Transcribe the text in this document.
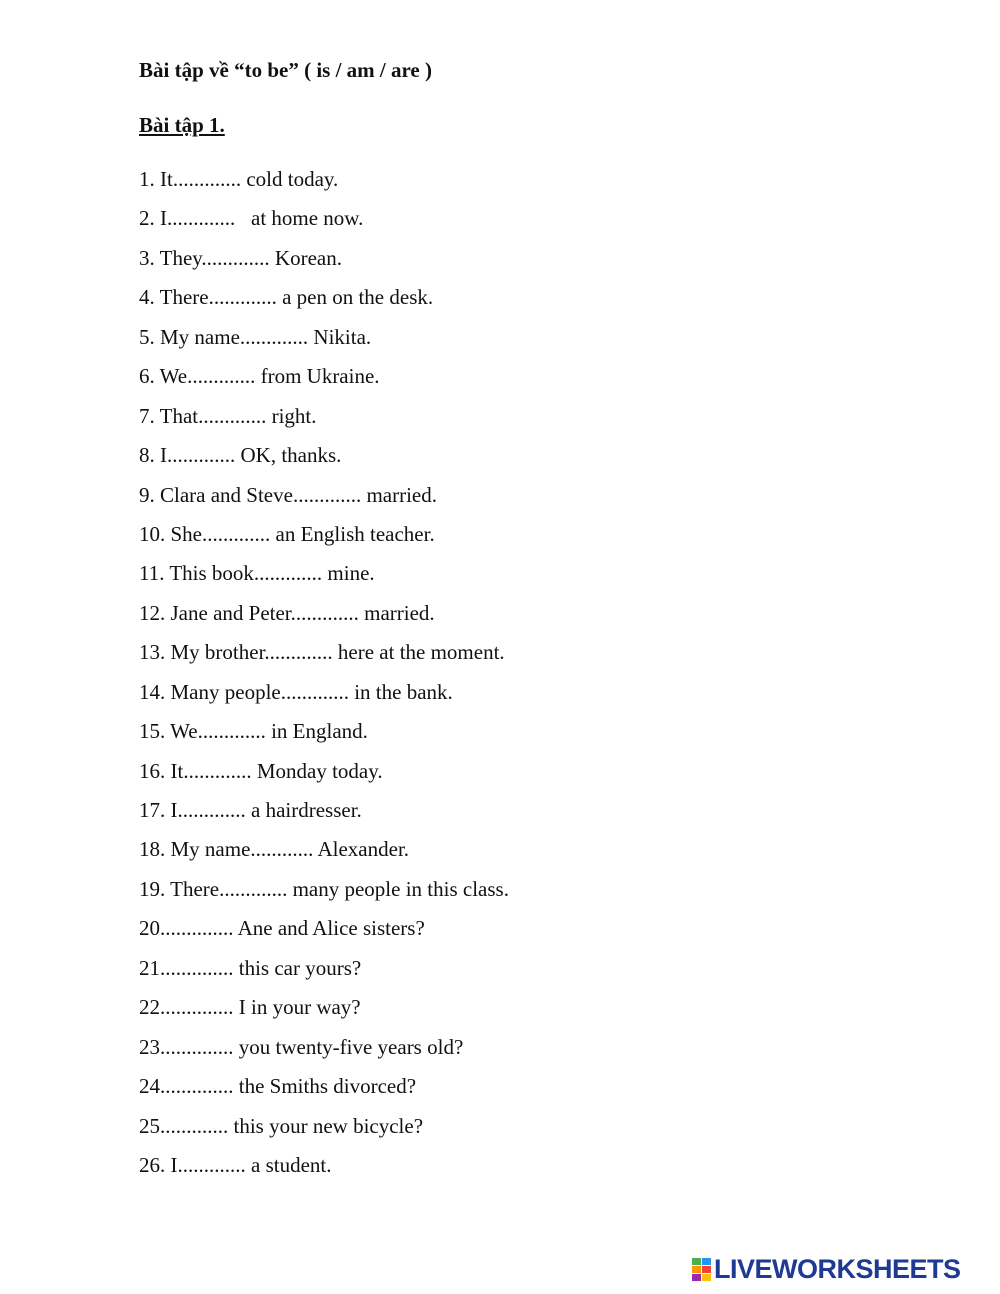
Bài tập về “to be” ( is / am / are )
Bài tập 1.
1. It............. cold today.
2. I.............   at home now.
3. They............. Korean.
4. There............. a pen on the desk.
5. My name............. Nikita.
6. We............. from Ukraine.
7. That............. right.
8. I............. OK, thanks.
9. Clara and Steve............. married.
10. She............. an English teacher.
11. This book............. mine.
12. Jane and Peter............. married.
13. My brother............. here at the moment.
14. Many people............. in the bank.
15. We............. in England.
16. It............. Monday today.
17. I............. a hairdresser.
18. My name............ Alexander.
19. There............. many people in this class.
20.............. Ane and Alice sisters?
21.............. this car yours?
22.............. I in your way?
23.............. you twenty-five years old?
24.............. the Smiths divorced?
25............. this your new bicycle?
26. I............. a student.
LIVEWORKSHEETS
